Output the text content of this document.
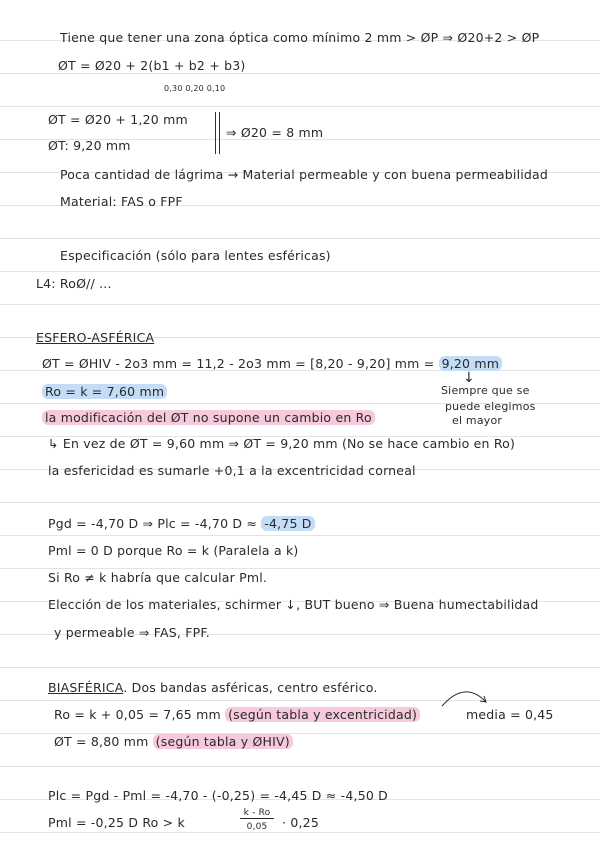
Tiene que tener una zona óptica como mínimo 2 mm > ØP ⇒ Ø20+2 > ØP
ØT = Ø20 + 2(b1 + b2 + b3)
0,30 0,20 0,10
ØT = Ø20 + 1,20 mm
ØT: 9,20 mm
⇒ Ø20 = 8 mm
Poca cantidad de lágrima → Material permeable y con buena permeabilidad
Material: FAS o FPF
Especificación (sólo para lentes esféricas)
L4: RoØ// ...
ESFERO-ASFÉRICA
ØT = ØHIV - 2o3 mm = 11,2 - 2o3 mm = [8,20 - 9,20] mm = 9,20 mm
Ro = k = 7,60 mm
↓
Siempre que se
puede elegimos
el mayor
la modificación del ØT no supone un cambio en Ro
↳ En vez de ØT = 9,60 mm ⇒ ØT = 9,20 mm (No se hace cambio en Ro)
la esfericidad es sumarle +0,1 a la excentricidad corneal
Pgd = -4,70 D ⇒ Plc = -4,70 D ≈ -4,75 D
Pml = 0 D porque Ro = k (Paralela a k)
Si Ro ≠ k habría que calcular Pml.
Elección de los materiales, schirmer ↓, BUT bueno ⇒ Buena humectabilidad
y permeable ⇒ FAS, FPF.
BIASFÉRICA. Dos bandas asféricas, centro esférico.
Ro = k + 0,05 = 7,65 mm (según tabla y excentricidad)	media = 0,45
ØT = 8,80 mm (según tabla y ØHIV)
Plc = Pgd - Pml = -4,70 - (-0,25) = -4,45 D ≈ -4,50 D
Pml = -0,25 D Ro > k
k - Ro
0,05	· 0,25
